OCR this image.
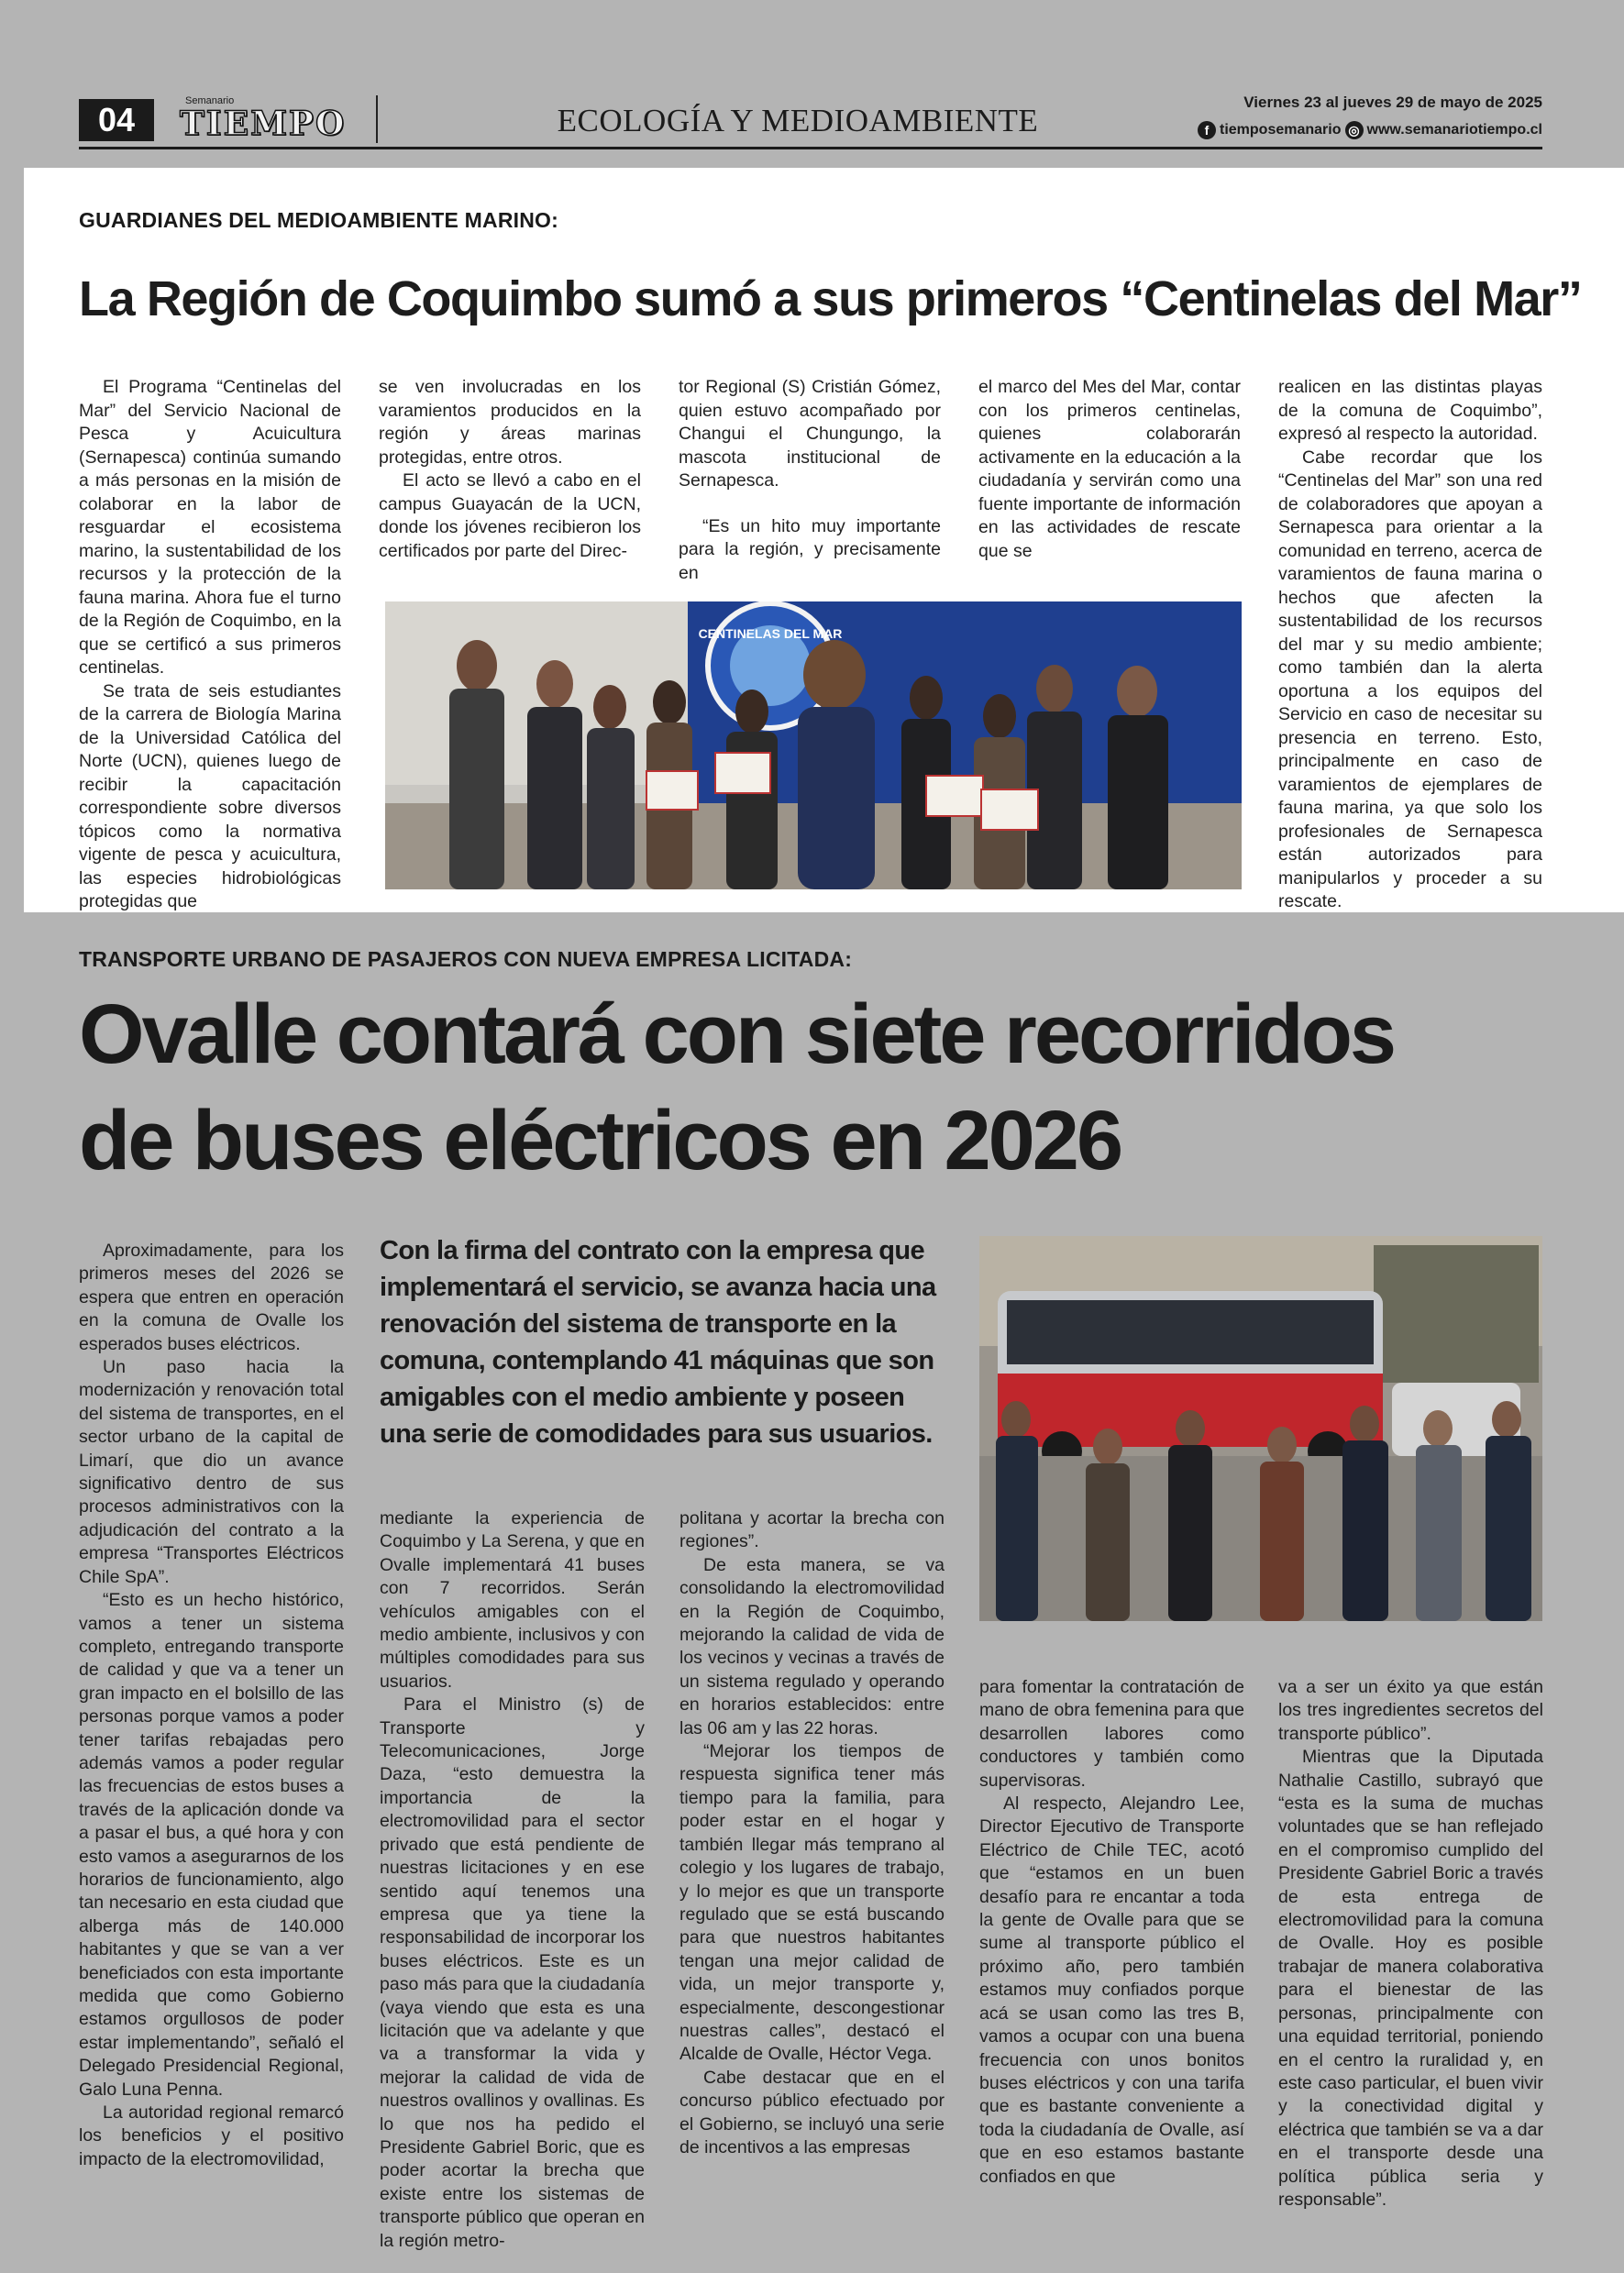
04	Semanario
TIEMPO	ECOLOGÍA Y MEDIOAMBIENTE
Viernes 23 al jueves 29 de mayo de 2025
f tiemposemanario ◎ www.semanariotiempo.cl
GUARDIANES DEL MEDIOAMBIENTE MARINO:
La Región de Coquimbo sumó a sus primeros “Centinelas del Mar”

El Programa “Centinelas del Mar” del Servicio Nacional de Pesca y Acuicultura (Sernapesca) continúa sumando a más personas en la misión de colaborar en la labor de resguardar el ecosistema marino, la sustentabilidad de los recursos y la protección de la fauna marina. Ahora fue el turno de la Región de Coquimbo, en la que se certificó a sus primeros centinelas.

Se trata de seis estudiantes de la carrera de Biología Marina de la Universidad Católica del Norte (UCN), quienes luego de recibir la capacitación correspondiente sobre diversos tópicos como la normativa vigente de pesca y acuicultura, las especies hidrobiológicas protegidas que

se ven involucradas en los varamientos producidos en la región y áreas marinas protegidas, entre otros.

El acto se llevó a cabo en el campus Guayacán de la UCN, donde los jóvenes recibieron los certificados por parte del Direc-

tor Regional (S) Cristián Gómez, quien estuvo acompañado por Changui el Chungungo, la mascota institucional de Sernapesca.

“Es un hito muy importante para la región, y precisamente en

el marco del Mes del Mar, contar con los primeros centinelas, quienes colaborarán activamente en la educación a la ciudadanía y servirán como una fuente importante de información en las actividades de rescate que se

realicen en las distintas playas de la comuna de Coquimbo”, expresó al respecto la autoridad.

Cabe recordar que los “Centinelas del Mar” son una red de colaboradores que apoyan a Sernapesca para orientar a la comunidad en terreno, acerca de varamientos de fauna marina o hechos que afecten la sustentabilidad de los recursos del mar y su medio ambiente; como también dan la alerta oportuna a los equipos del Servicio en caso de necesitar su presencia en terreno. Esto, principalmente en caso de varamientos de ejemplares de fauna marina, ya que solo los profesionales de Sernapesca están autorizados para manipularlos y proceder a su rescate.

CENTINELAS DEL MAR
TRANSPORTE URBANO DE PASAJEROS CON NUEVA EMPRESA LICITADA:
Ovalle contará con siete recorridos
de buses eléctricos en 2026
Con la firma del contrato con la empresa que implementará el servicio, se avanza hacia una renovación del sistema de transporte en la comuna, contemplando 41 máquinas que son amigables con el medio ambiente y poseen una serie de comodidades para sus usuarios.

Aproximadamente, para los primeros meses del 2026 se espera que entren en operación en la comuna de Ovalle los esperados buses eléctricos.

Un paso hacia la modernización y renovación total del sistema de transportes, en el sector urbano de la capital de Limarí, que dio un avance significativo dentro de sus procesos administrativos con la adjudicación del contrato a la empresa “Transportes Eléctricos Chile SpA”.

“Esto es un hecho histórico, vamos a tener un sistema completo, entregando transporte de calidad y que va a tener un gran impacto en el bolsillo de las personas porque vamos a poder tener tarifas rebajadas pero además vamos a poder regular las frecuencias de estos buses a través de la aplicación donde va a pasar el bus, a qué hora y con esto vamos a asegurarnos de los horarios de funcionamiento, algo tan necesario en esta ciudad que alberga más de 140.000 habitantes y que se van a ver beneficiados con esta importante medida que como Gobierno estamos orgullosos de poder estar implementando”, señaló el Delegado Presidencial Regional, Galo Luna Penna.

La autoridad regional remarcó los beneficios y el positivo impacto de la electromovilidad,

mediante la experiencia de Coquimbo y La Serena, y que en Ovalle implementará 41 buses con 7 recorridos. Serán vehículos amigables con el medio ambiente, inclusivos y con múltiples comodidades para sus usuarios.

Para el Ministro (s) de Transporte y Telecomunicaciones, Jorge Daza, “esto demuestra la importancia de la electromovilidad para el sector privado que está pendiente de nuestras licitaciones y en ese sentido aquí tenemos una empresa que ya tiene la responsabilidad de incorporar los buses eléctricos. Este es un paso más para que la ciudadanía (vaya viendo que esta es una licitación que va adelante y que va a transformar la vida y mejorar la calidad de vida de nuestros ovallinos y ovallinas. Es lo que nos ha pedido el Presidente Gabriel Boric, que es poder acortar la brecha que existe entre los sistemas de transporte público que operan en la región metro-

politana y acortar la brecha con regiones”.

De esta manera, se va consolidando la electromovilidad en la Región de Coquimbo, mejorando la calidad de vida de los vecinos y vecinas a través de un sistema regulado y operando en horarios establecidos: entre las 06 am y las 22 horas.

“Mejorar los tiempos de respuesta significa tener más tiempo para la familia, para poder estar en el hogar y también llegar más temprano al colegio y los lugares de trabajo, y lo mejor es que un transporte regulado que se está buscando para que nuestros habitantes tengan una mejor calidad de vida, un mejor transporte y, especialmente, descongestionar nuestras calles”, destacó el Alcalde de Ovalle, Héctor Vega.

Cabe destacar que en el concurso público efectuado por el Gobierno, se incluyó una serie de incentivos a las empresas

para fomentar la contratación de mano de obra femenina para que desarrollen labores como conductores y también como supervisoras.

Al respecto, Alejandro Lee, Director Ejecutivo de Transporte Eléctrico de Chile TEC, acotó que “estamos en un buen desafío para re encantar a toda la gente de Ovalle para que se sume al transporte público el próximo año, pero también estamos muy confiados porque acá se usan como las tres B, vamos a ocupar con una buena frecuencia con unos bonitos buses eléctricos y con una tarifa que es bastante conveniente a toda la ciudadanía de Ovalle, así que en eso estamos bastante confiados en que

va a ser un éxito ya que están los tres ingredientes secretos del transporte público”.

Mientras que la Diputada Nathalie Castillo, subrayó que “esta es la suma de muchas voluntades que se han reflejado en el compromiso cumplido del Presidente Gabriel Boric a través de esta entrega de electromovilidad para la comuna de Ovalle. Hoy es posible trabajar de manera colaborativa para el bienestar de las personas, principalmente con una equidad territorial, poniendo en el centro la ruralidad y, en este caso particular, el buen vivir y la conectividad digital y eléctrica que también se va a dar en el transporte desde una política pública seria y responsable”.
